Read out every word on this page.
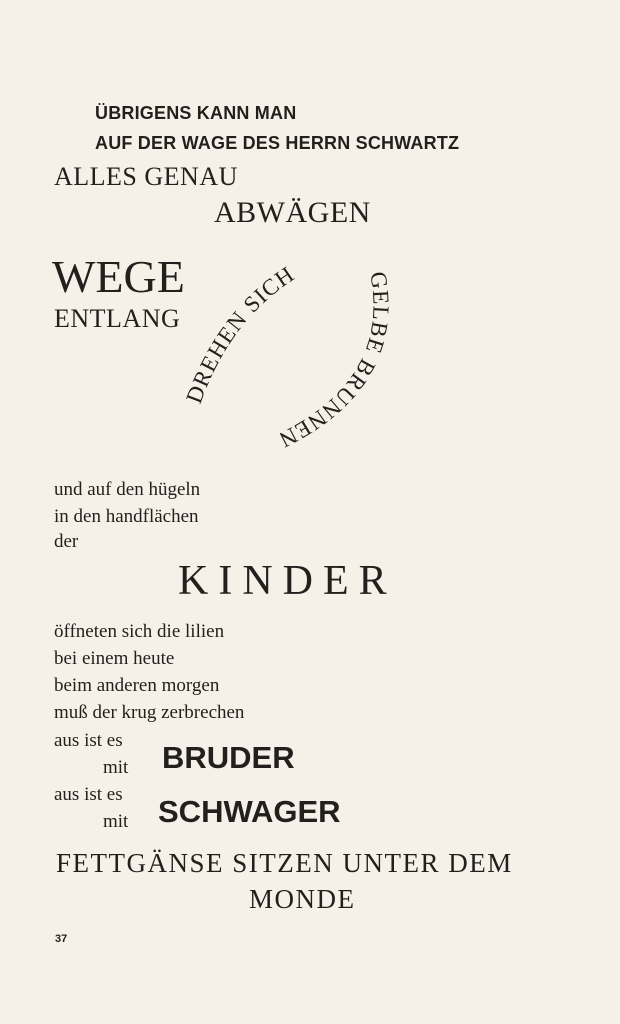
ÜBRIGENS KANN MAN
AUF DER WAGE DES HERRN SCHWARTZ
ALLES GENAU
ABWÄGEN
WEGE
ENTLANG
DREHEN SICH	GELBE BRUNNEN
und auf den hügeln
in den handflächen
der
KINDER
öffneten sich die lilien
bei einem heute
beim anderen morgen
muß der krug zerbrechen
aus ist es
mit BRUDER
aus ist es
mit SCHWAGER
FETTGÄNSE SITZEN UNTER DEM
MONDE
37
